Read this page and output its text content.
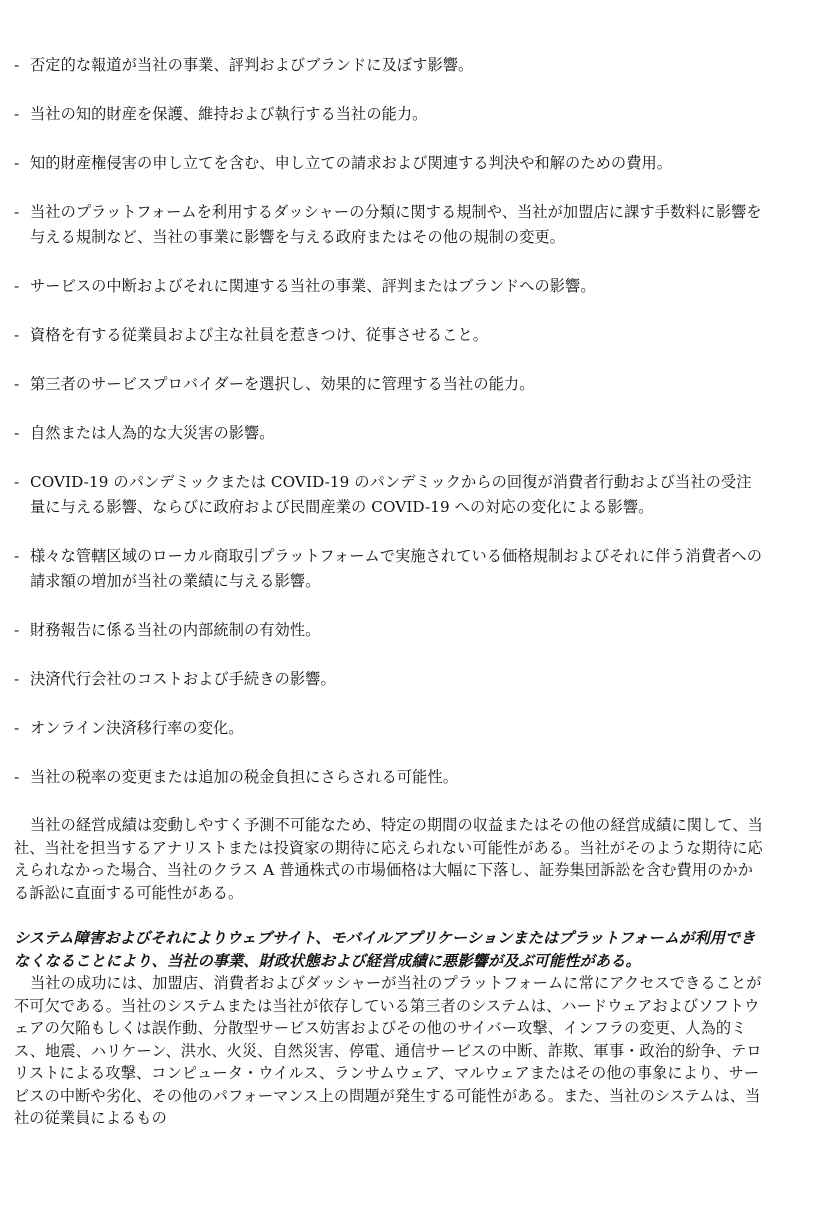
- 否定的な報道が当社の事業、評判およびブランドに及ぼす影響。
- 当社の知的財産を保護、維持および執行する当社の能力。
- 知的財産権侵害の申し立てを含む、申し立ての請求および関連する判決や和解のための費用。
- 当社のプラットフォームを利用するダッシャーの分類に関する規制や、当社が加盟店に課す手数料に影響を与える規制など、当社の事業に影響を与える政府またはその他の規制の変更。
- サービスの中断およびそれに関連する当社の事業、評判またはブランドへの影響。
- 資格を有する従業員および主な社員を惹きつけ、従事させること。
- 第三者のサービスプロバイダーを選択し、効果的に管理する当社の能力。
- 自然または人為的な大災害の影響。
- COVID-19 のパンデミックまたは COVID-19 のパンデミックからの回復が消費者行動および当社の受注量に与える影響、ならびに政府および民間産業の COVID-19 への対応の変化による影響。
- 様々な管轄区域のローカル商取引プラットフォームで実施されている価格規制およびそれに伴う消費者への請求額の増加が当社の業績に与える影響。
- 財務報告に係る当社の内部統制の有効性。
- 決済代行会社のコストおよび手続きの影響。
- オンライン決済移行率の変化。
- 当社の税率の変更または追加の税金負担にさらされる可能性。

当社の経営成績は変動しやすく予測不可能なため、特定の期間の収益またはその他の経営成績に関して、当社、当社を担当するアナリストまたは投資家の期待に応えられない可能性がある。当社がそのような期待に応えられなかった場合、当社のクラス A 普通株式の市場価格は大幅に下落し、証券集団訴訟を含む費用のかかる訴訟に直面する可能性がある。

システム障害およびそれによりウェブサイト、モバイルアプリケーションまたはプラットフォームが利用できなくなることにより、当社の事業、財政状態および経営成績に悪影響が及ぶ可能性がある。

当社の成功には、加盟店、消費者およびダッシャーが当社のプラットフォームに常にアクセスできることが不可欠である。当社のシステムまたは当社が依存している第三者のシステムは、ハードウェアおよびソフトウェアの欠陥もしくは誤作動、分散型サービス妨害およびその他のサイバー攻撃、インフラの変更、人為的ミス、地震、ハリケーン、洪水、火災、自然災害、停電、通信サービスの中断、詐欺、軍事・政治的紛争、テロリストによる攻撃、コンピュータ・ウイルス、ランサムウェア、マルウェアまたはその他の事象により、サービスの中断や劣化、その他のパフォーマンス上の問題が発生する可能性がある。また、当社のシステムは、当社の従業員によるもの
